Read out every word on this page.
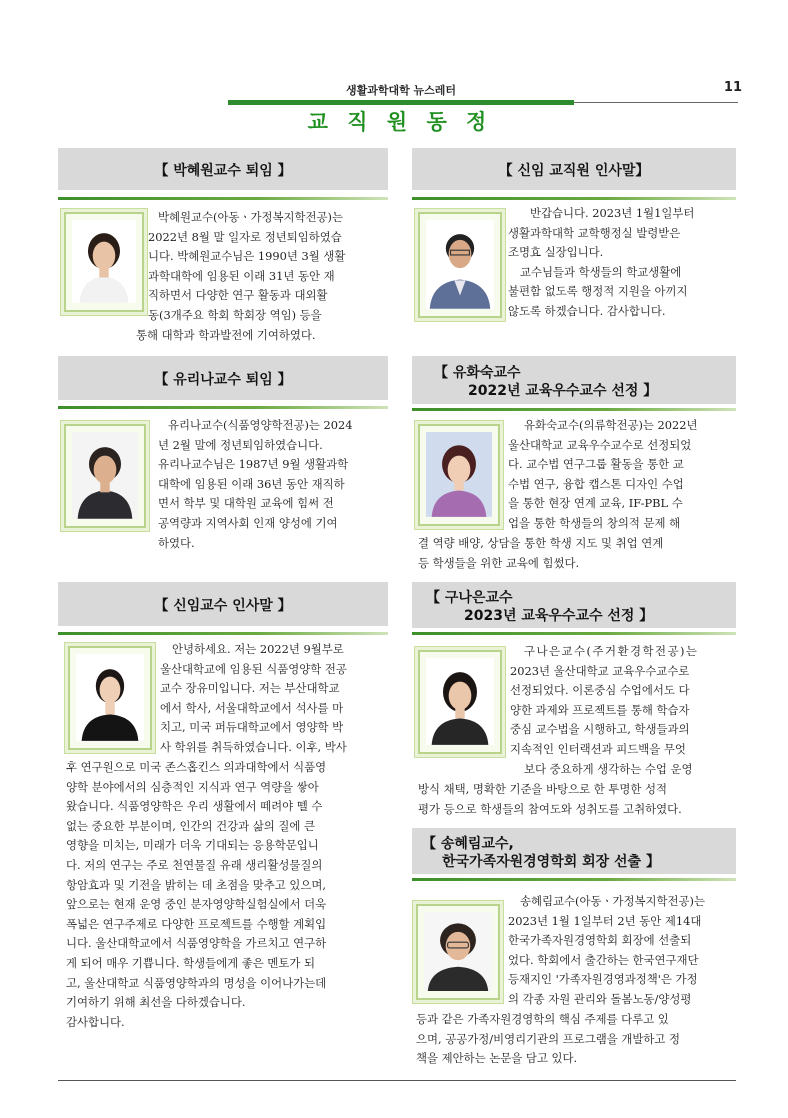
생활과학대학 뉴스레터	11
교 직 원 동 정
【 박혜원교수 퇴임 】
박혜원교수(아동ㆍ가정복지학전공)는
2022년 8월 말 일자로 정년퇴임하였습
니다. 박혜원교수님은 1990년 3월 생활
과학대학에 임용된 이래 31년 동안 재
직하면서 다양한 연구 활동과 대외활
동(3개주요 학회 학회장 역임) 등을
통해 대학과 학과발전에 기여하였다.
【 유리나교수 퇴임 】
유리나교수(식품영양학전공)는 2024
년 2월 말에 정년퇴임하였습니다.
유리나교수님은 1987년 9월 생활과학
대학에 임용된 이래 36년 동안 재직하
면서 학부 및 대학원 교육에 힘써 전
공역량과 지역사회 인재 양성에 기여
하였다.
【 신임교수 인사말 】
안녕하세요. 저는 2022년 9월부로
울산대학교에 임용된 식품영양학 전공
교수 장유미입니다. 저는 부산대학교
에서 학사, 서울대학교에서 석사를 마
치고, 미국 퍼듀대학교에서 영양학 박
사 학위를 취득하였습니다. 이후, 박사
후 연구원으로 미국 존스홉킨스 의과대학에서 식품영
양학 분야에서의 심층적인 지식과 연구 역량을 쌓아
왔습니다. 식품영양학은 우리 생활에서 떼려야 뗄 수
없는 중요한 부분이며, 인간의 건강과 삶의 질에 큰
영향을 미치는, 미래가 더욱 기대되는 응용학문입니
다. 저의 연구는 주로 천연물질 유래 생리활성물질의
항암효과 및 기전을 밝히는 데 초점을 맞추고 있으며,
앞으로는 현재 운영 중인 분자영양학실험실에서 더욱
폭넓은 연구주제로 다양한 프로젝트를 수행할 계획입
니다. 울산대학교에서 식품영양학을 가르치고 연구하
게 되어 매우 기쁩니다. 학생들에게 좋은 멘토가 되
고, 울산대학교 식품영양학과의 명성을 이어나가는데
기여하기 위해 최선을 다하겠습니다.
감사합니다.
【 신임 교직원 인사말】
반갑습니다. 2023년 1월1일부터
생활과학대학 교학행정실 발령받은
조명효 실장입니다.
교수님들과 학생들의 학교생활에
불편함 없도록 행정적 지원을 아끼지
않도록 하겠습니다. 감사합니다.
【 유화숙교수
2022년 교육우수교수 선정 】
유화숙교수(의류학전공)는 2022년
울산대학교 교육우수교수로 선정되었
다. 교수법 연구그룹 활동을 통한 교
수법 연구, 융합 캡스톤 디자인 수업
을 통한 현장 연계 교육, IF-PBL 수
업을 통한 학생들의 창의적 문제 해
결 역량 배양, 상담을 통한 학생 지도 및 취업 연계
등 학생들을 위한 교육에 힘썼다.
【 구나은교수
2023년 교육우수교수 선정 】
구나은교수(주거환경학전공)는
2023년 울산대학교 교육우수교수로
선정되었다. 이론중심 수업에서도 다
양한 과제와 프로젝트를 통해 학습자
중심 교수법을 시행하고, 학생들과의
지속적인 인터랙션과 피드백을 무엇
보다 중요하게 생각하는 수업 운영
방식 채택, 명확한 기준을 바탕으로 한 투명한 성적
평가 등으로 학생들의 참여도와 성취도를 고취하였다.
【 송혜림교수,
한국가족자원경영학회 회장 선출 】
송혜림교수(아동ㆍ가정복지학전공)는
2023년 1월 1일부터 2년 동안 제14대
한국가족자원경영학회 회장에 선출되
었다. 학회에서 출간하는 한국연구재단
등재지인 '가족자원경영과정책'은 가정
의 각종 자원 관리와 돌봄노동/양성평
등과 같은 가족자원경영학의 핵심 주제를 다루고 있
으며, 공공가정/비영리기관의 프로그램을 개발하고 정
책을 제안하는 논문을 담고 있다.
